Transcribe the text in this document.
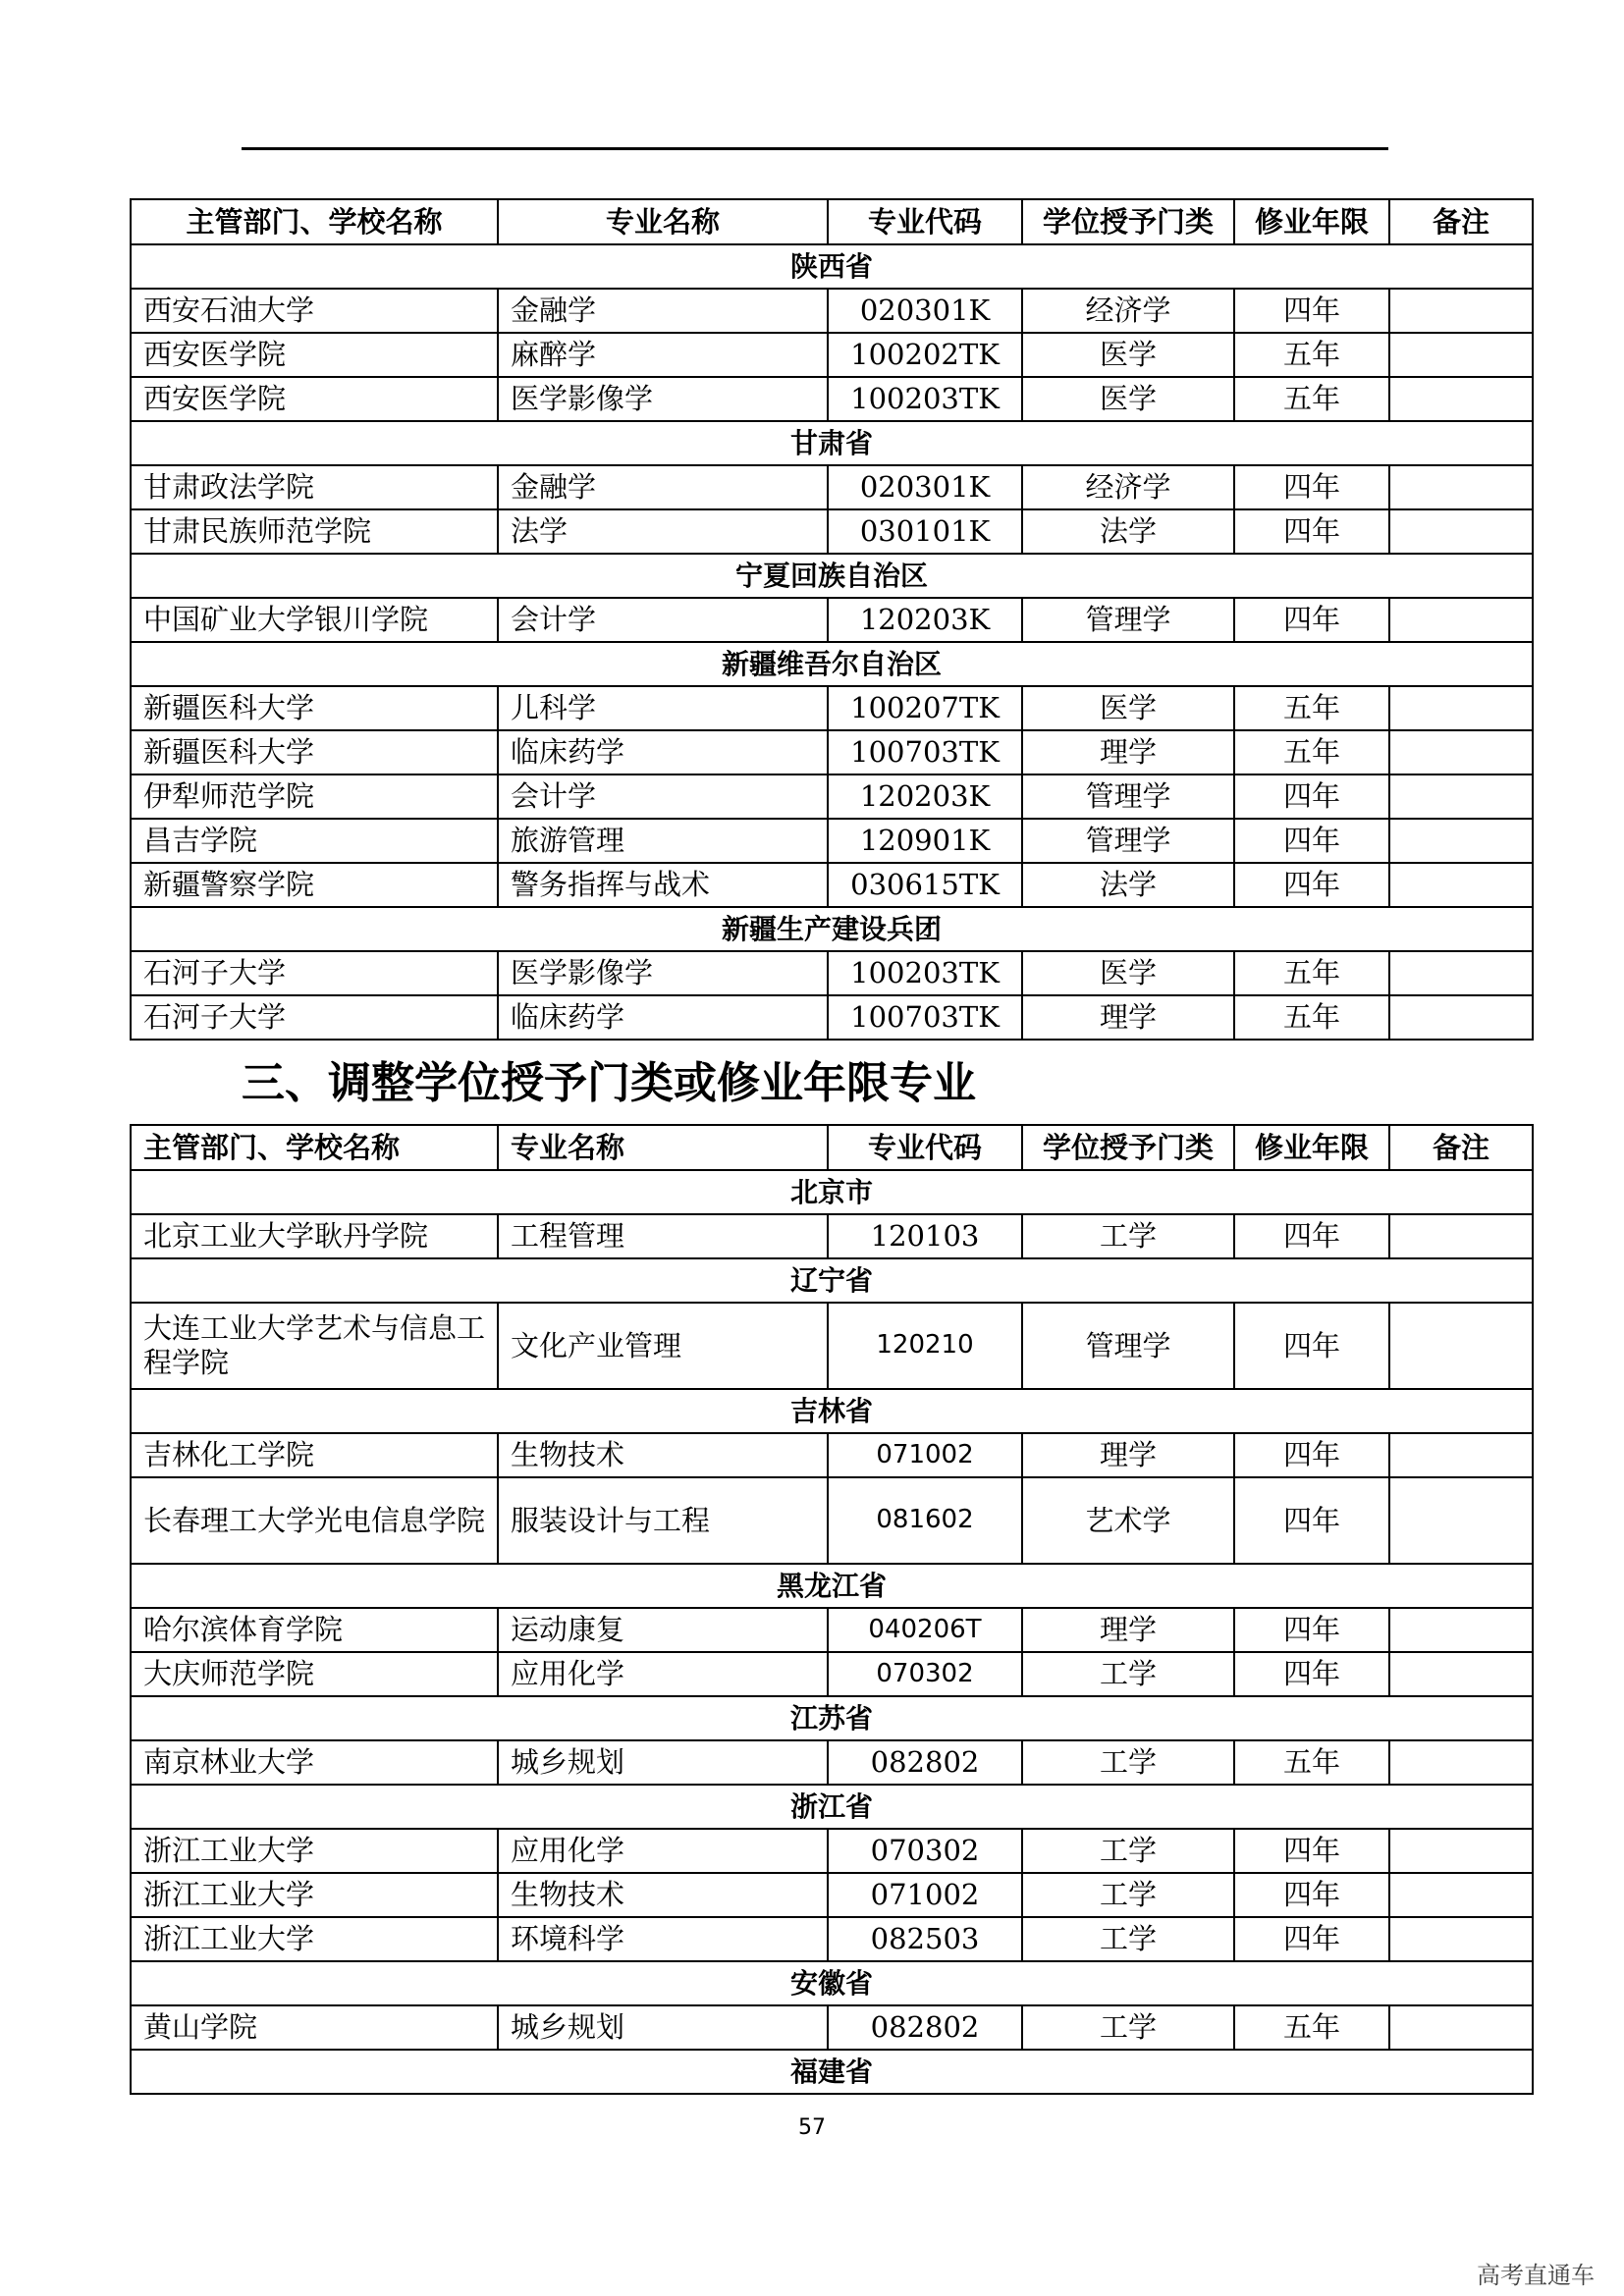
主管部门、学校名称	专业名称	专业代码	学位授予门类	修业年限	备注
陕西省					
西安石油大学	金融学	020301K	经济学	四年	
西安医学院	麻醉学	100202TK	医学	五年	
西安医学院	医学影像学	100203TK	医学	五年	
甘肃省					
甘肃政法学院	金融学	020301K	经济学	四年	
甘肃民族师范学院	法学	030101K	法学	四年	
宁夏回族自治区					
中国矿业大学银川学院	会计学	120203K	管理学	四年	
新疆维吾尔自治区					
新疆医科大学	儿科学	100207TK	医学	五年	
新疆医科大学	临床药学	100703TK	理学	五年	
伊犁师范学院	会计学	120203K	管理学	四年	
昌吉学院	旅游管理	120901K	管理学	四年	
新疆警察学院	警务指挥与战术	030615TK	法学	四年	
新疆生产建设兵团					
石河子大学	医学影像学	100203TK	医学	五年	
石河子大学	临床药学	100703TK	理学	五年	
三、调整学位授予门类或修业年限专业
主管部门、学校名称	专业名称	专业代码	学位授予门类	修业年限	备注
北京市					
北京工业大学耿丹学院	工程管理	120103	工学	四年	
辽宁省					
大连工业大学艺术与信息工程学院	文化产业管理	120210	管理学	四年	
吉林省					
吉林化工学院	生物技术	071002	理学	四年	
长春理工大学光电信息学院	服装设计与工程	081602	艺术学	四年	
黑龙江省					
哈尔滨体育学院	运动康复	040206T	理学	四年	
大庆师范学院	应用化学	070302	工学	四年	
江苏省					
南京林业大学	城乡规划	082802	工学	五年	
浙江省					
浙江工业大学	应用化学	070302	工学	四年	
浙江工业大学	生物技术	071002	工学	四年	
浙江工业大学	环境科学	082503	工学	四年	
安徽省					
黄山学院	城乡规划	082802	工学	五年	
福建省					
57
高考直通车
